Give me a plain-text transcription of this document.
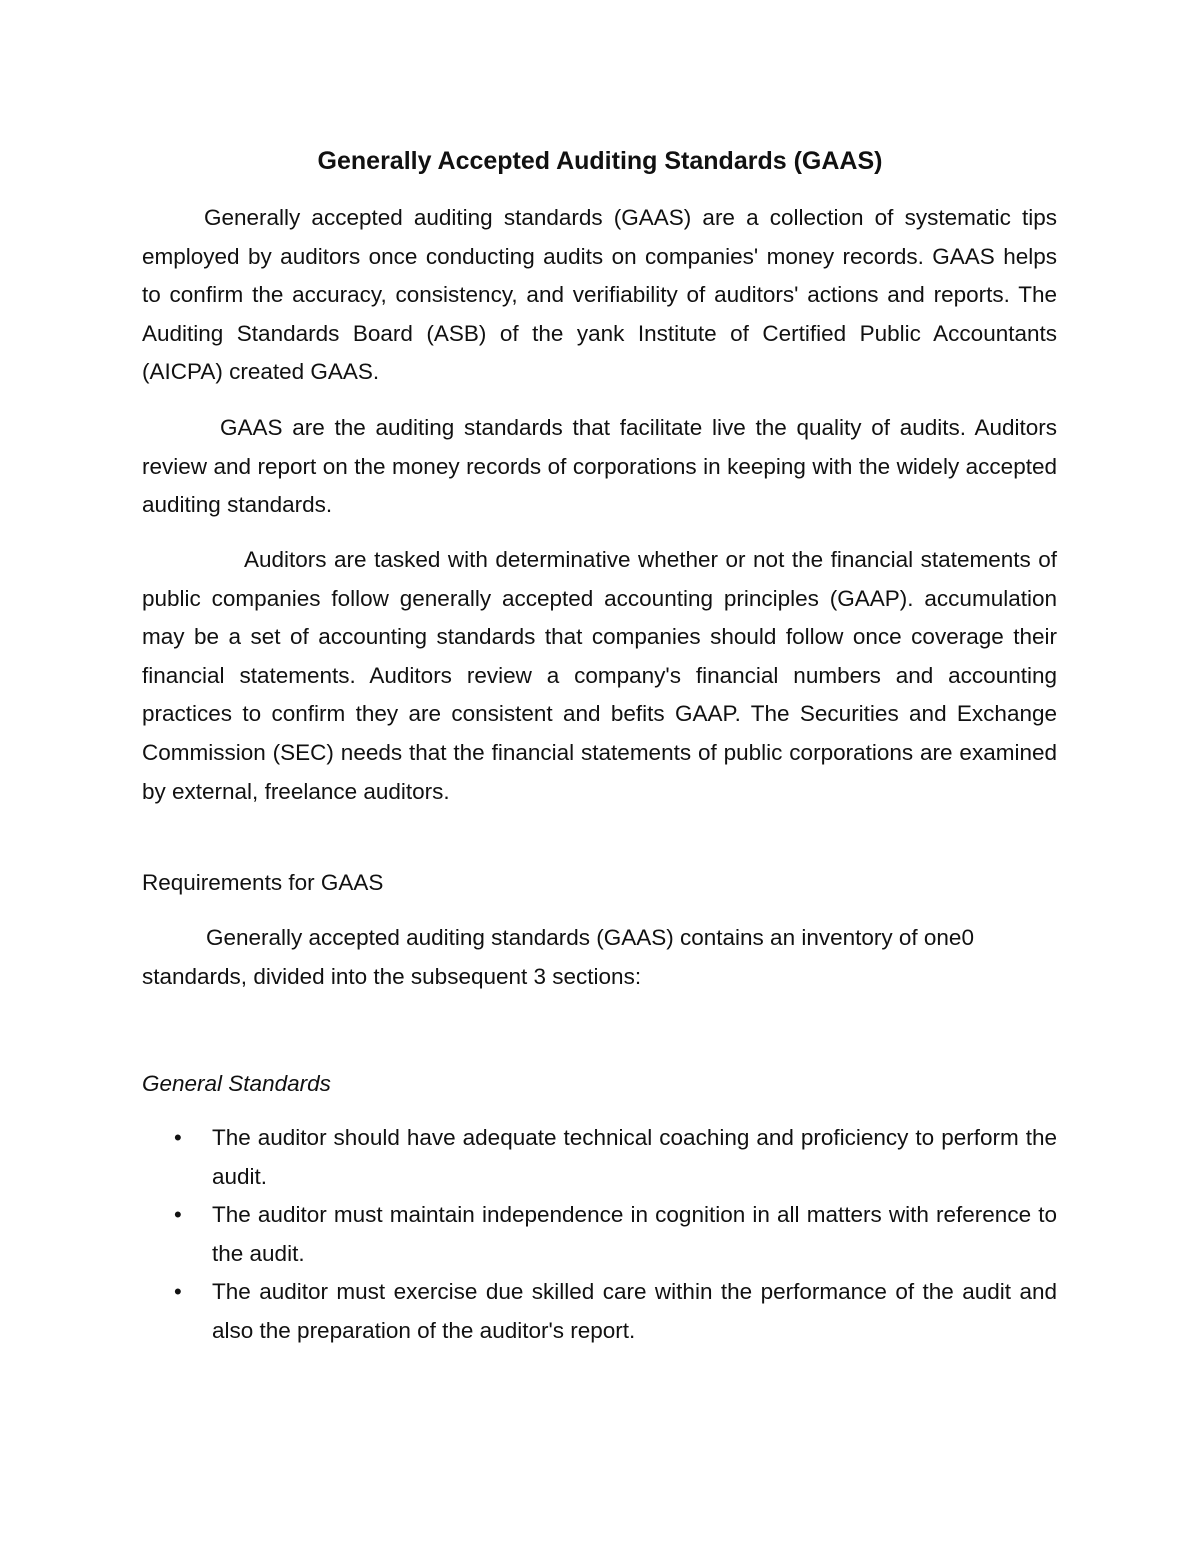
Generally Accepted Auditing Standards (GAAS)

Generally accepted auditing standards (GAAS) are a collection of systematic tips employed by auditors once conducting audits on companies' money records. GAAS helps to confirm the accuracy, consistency, and verifiability of auditors' actions and reports. The Auditing Standards Board (ASB) of the yank Institute of Certified Public Accountants (AICPA) created GAAS.

GAAS are the auditing standards that facilitate live the quality of audits. Auditors review and report on the money records of corporations in keeping with the widely accepted auditing standards.

Auditors are tasked with determinative whether or not the financial statements of public companies follow generally accepted accounting principles (GAAP). accumulation may be a set of accounting standards that companies should follow once coverage their financial statements. Auditors review a company's financial numbers and accounting practices to confirm they are consistent and befits GAAP. The Securities and Exchange Commission (SEC) needs that the financial statements of public corporations are examined by external, freelance auditors.

Requirements for GAAS

Generally accepted auditing standards (GAAS) contains an inventory of one0 standards, divided into the subsequent 3 sections:

General Standards
• The auditor should have adequate technical coaching and proficiency to perform the audit.
• The auditor must maintain independence in cognition in all matters with reference to the audit.
• The auditor must exercise due skilled care within the performance of the audit and also the preparation of the auditor's report.
